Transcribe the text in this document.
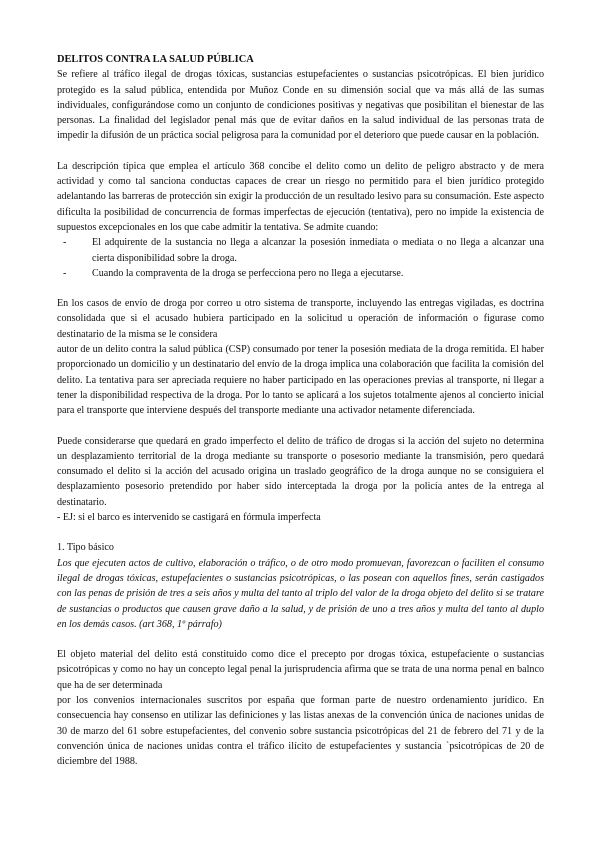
DELITOS CONTRA LA SALUD PÚBLICA

Se refiere al tráfico ilegal de drogas tóxicas, sustancias estupefacientes o sustancias psicotrópicas. El bien jurídico protegido es la salud pública, entendida por Muñoz Conde en su dimensión social que va más allá de las sumas individuales, configurándose como un conjunto de condiciones positivas y negativas que posibilitan el bienestar de las personas. La finalidad del legislador penal más que de evitar daños en la salud individual de las personas trata de impedir la difusión de un práctica social peligrosa para la comunidad por el deterioro que puede causar en la población.

La descripción típica que emplea el artículo 368 concibe el delito como un delito de peligro abstracto y de mera actividad y como tal sanciona conductas capaces de crear un riesgo no permitido para el bien jurídico protegido adelantando las barreras de protección sin exigir la producción de un resultado lesivo para su consumación. Este aspecto dificulta la posibilidad de concurrencia de formas imperfectas de ejecución (tentativa), pero no impide la existencia de supuestos excepcionales en los que cabe admitir la tentativa. Se admite cuando:

-	El adquirente de la sustancia no llega a alcanzar la posesión inmediata o mediata o no llega a alcanzar una cierta disponibilidad sobre la droga.
-	Cuando la compraventa de la droga se perfecciona pero no llega a ejecutarse.

En los casos de envío de droga por correo u otro sistema de transporte, incluyendo las entregas vigiladas, es doctrina consolidada que si el acusado hubiera participado en la solicitud u operación de información o figurase como destinatario de la misma se le considera

autor de un delito contra la salud pública (CSP) consumado por tener la posesión mediata de la droga remitida. El haber proporcionado un domicilio y un destinatario del envío de la droga implica una colaboración que facilita la comisión del delito. La tentativa para ser apreciada requiere no haber participado en las operaciones previas al transporte, ni llegar a tener la disponibilidad respectiva de la droga. Por lo tanto se aplicará a los sujetos totalmente ajenos al concierto inicial para el transporte que interviene después del transporte mediante una activador netamente diferenciada.

Puede considerarse que quedará en grado imperfecto el delito de tráfico de drogas si la acción del sujeto no determina un desplazamiento territorial de la droga mediante su transporte o posesorio mediante la transmisión, pero quedará consumado el delito si la acción del acusado origina un traslado geográfico de la droga aunque no se consiguiera el desplazamiento posesorio pretendido por haber sido interceptada la droga por la policía antes de la entrega al destinatario.

- EJ: si el barco es intervenido se castigará en fórmula imperfecta

1. Tipo básico

Los que ejecuten actos de cultivo, elaboración o tráfico, o de otro modo promuevan, favorezcan o faciliten el consumo ilegal de drogas tóxicas, estupefacientes o sustancias psicotrópicas, o las posean con aquellos fines, serán castigados con las penas de prisión de tres a seis años y multa del tanto al triplo del valor de la droga objeto del delito si se tratare de sustancias o productos que causen grave daño a la salud, y de prisión de uno a tres años y multa del tanto al duplo en los demás casos. (art 368, 1º párrafo)

El objeto material del delito está constituido como dice el precepto por drogas tóxica, estupefaciente o sustancias psicotrópicas y como no hay un concepto legal penal la jurisprudencia afirma que se trata de una norma penal en balnco que ha de ser determinada

por los convenios internacionales suscritos por españa que forman parte de nuestro ordenamiento jurídico. En consecuencia hay consenso en utilizar las definiciones y las listas anexas de la convención única de naciones unidas de 30 de marzo del 61 sobre estupefacientes, del convenio sobre sustancia psicotrópicas del 21 de febrero del 71 y de la convención única de naciones unidas contra el tráfico ilícito de estupefacientes y sustancia `psicotrópicas de 20 de diciembre del 1988.
